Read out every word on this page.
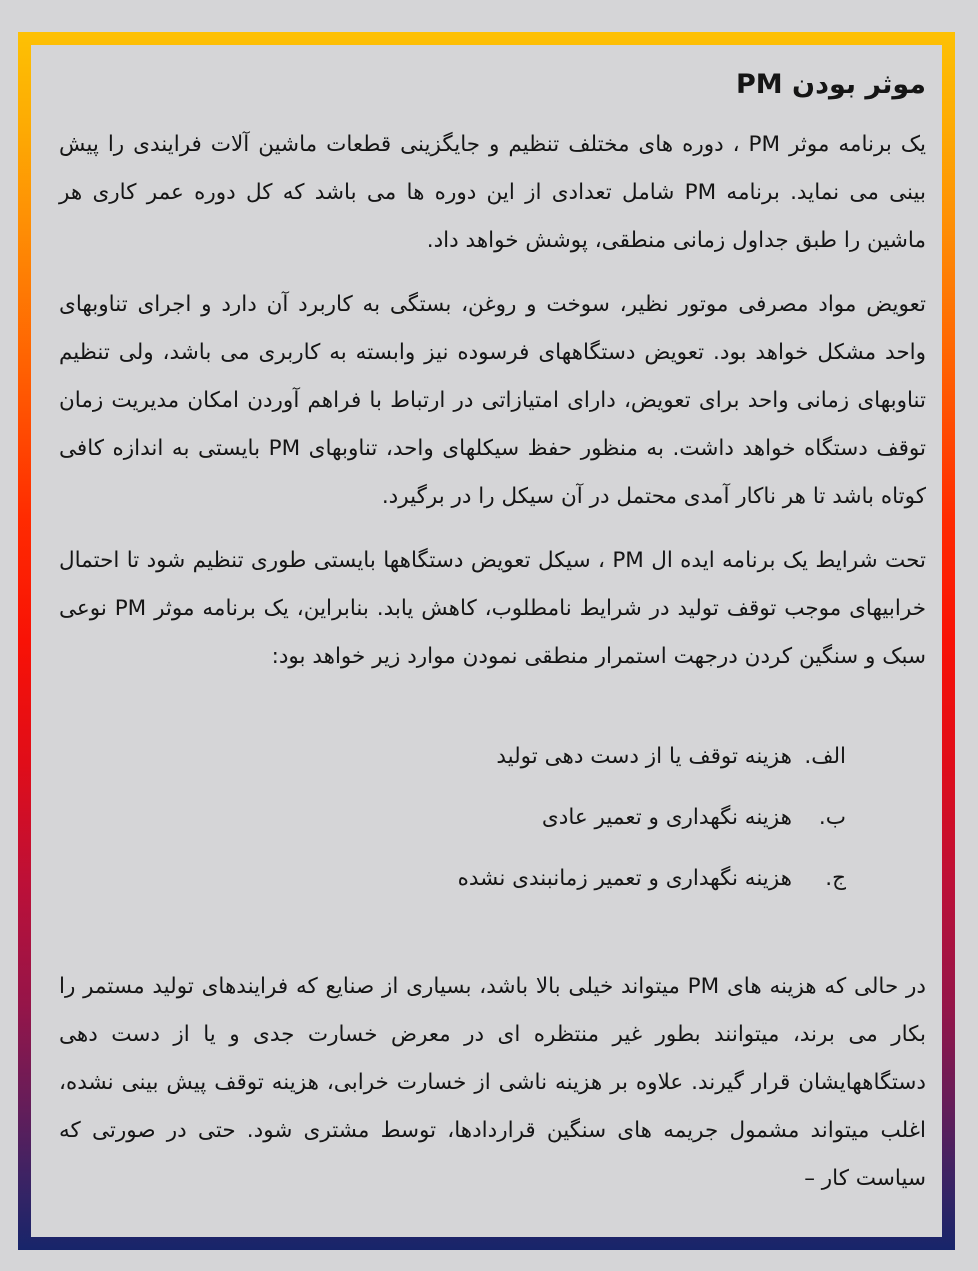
موثر بودن PM

یک برنامه موثر PM ، دوره های مختلف تنظیم و جایگزینی قطعات ماشین آلات فرایندی را پیش بینی می نماید. برنامه PM شامل تعدادی از این دوره ها می باشد که کل دوره عمر کاری هر ماشین را طبق جداول زمانی منطقی، پوشش خواهد داد.

تعویض مواد مصرفی موتور نظیر، سوخت و روغن، بستگی به کاربرد آن دارد و اجرای تناوبهای واحد مشکل خواهد بود. تعویض دستگاههای فرسوده نیز وابسته به کاربری می باشد، ولی تنظیم تناوبهای زمانی واحد برای تعویض، دارای امتیازاتی در ارتباط با فراهم آوردن امکان مدیریت زمان توقف دستگاه خواهد داشت. به منظور حفظ سیکلهای واحد، تناوبهای PM بایستی به اندازه کافی کوتاه باشد تا هر ناکار آمدی محتمل در آن سیکل را در برگیرد.

تحت شرایط یک برنامه ایده ال PM ، سیکل تعویض دستگاهها بایستی طوری تنظیم شود تا احتمال خرابیهای موجب توقف تولید در شرایط نامطلوب، کاهش یابد. بنابراین، یک برنامه موثر PM نوعی سبک و سنگین کردن درجهت استمرار منطقی نمودن موارد زیر خواهد بود:

الف.
هزینه توقف یا از دست دهی تولید
ب.
هزینه نگهداری و تعمیر عادی
ج.
هزینه نگهداری و تعمیر زمانبندی نشده

در حالی که هزینه های PM میتواند خیلی بالا باشد، بسیاری از صنایع که فرایندهای تولید مستمر را بکار می برند، میتوانند بطور غیر منتظره ای در معرض خسارت جدی و یا از دست دهی دستگاههایشان قرار گیرند. علاوه بر هزینه ناشی از خسارت خرابی، هزینه توقف پیش بینی نشده، اغلب میتواند مشمول جریمه های سنگین قراردادها، توسط مشتری شود. حتی در صورتی که سیاست کار –
